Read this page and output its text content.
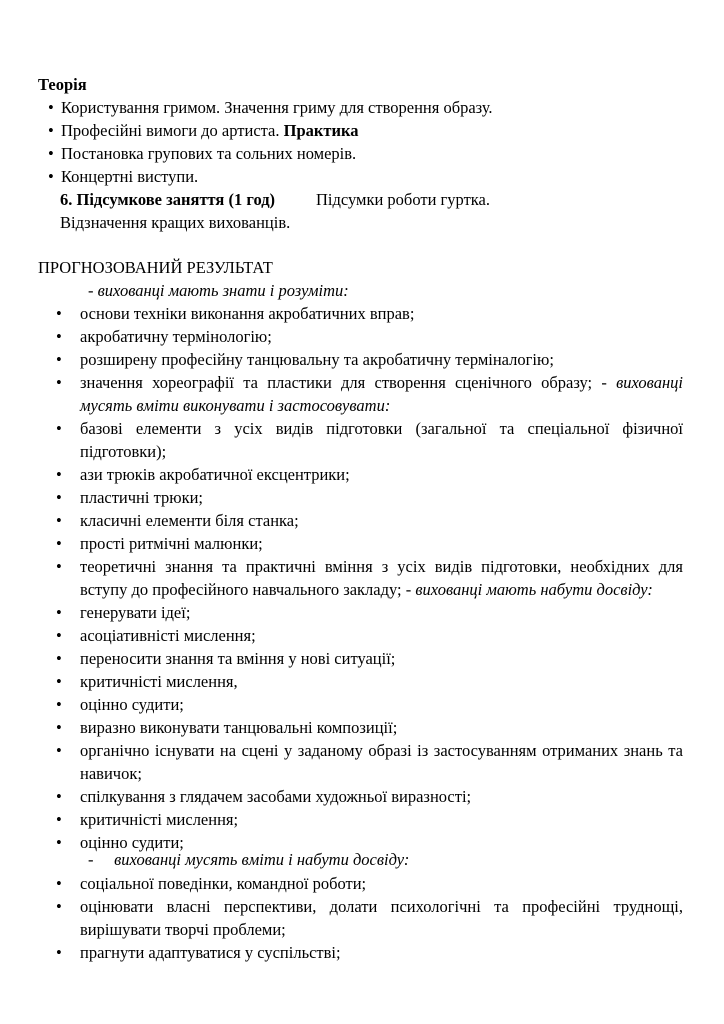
Теорія
• Користування гримом. Значення гриму для створення образу.
• Професійні вимоги до артиста. Практика
• Постановка групових та сольних номерів.
• Концертні виступи.
6. Підсумкове заняття (1 год) Підсумки роботи гуртка.
Відзначення кращих вихованців.
ПРОГНОЗОВАНИЙ РЕЗУЛЬТАТ
- вихованці мають знати і розуміти:
• основи техніки виконання акробатичних вправ;
• акробатичну термінологію;
• розширену професійну танцювальну та акробатичну терміналогію;
• значення хореографії та пластики для створення сценічного образу; - вихованці мусять вміти виконувати і застосовувати:
• базові елементи з усіх видів підготовки (загальної та спеціальної фізичної підготовки);
• ази трюків акробатичної ексцентрики;
• пластичні трюки;
• класичні елементи біля станка;
• прості ритмічні малюнки;
• теоретичні знання та практичні вміння з усіх видів підготовки, необхідних для вступу до професійного навчального закладу; - вихованці мають набути досвіду:
• генерувати ідеї;
• асоціативністі мислення;
• переносити знання та вміння у нові ситуації;
• критичністі мислення,
• оцінно судити;
• виразно виконувати танцювальні композиції;
• органічно існувати на сцені у заданому образі із застосуванням отриманих знань та навичок;
• спілкування з глядачем засобами художньої виразності;
• критичністі мислення;
• оцінно судити;
-     вихованці мусять вміти і набути досвіду:
• соціальної поведінки, командної роботи;
• оцінювати власні перспективи, долати психологічні та професійні труднощі, вирішувати творчі проблеми;
• прагнути адаптуватися у суспільстві;
